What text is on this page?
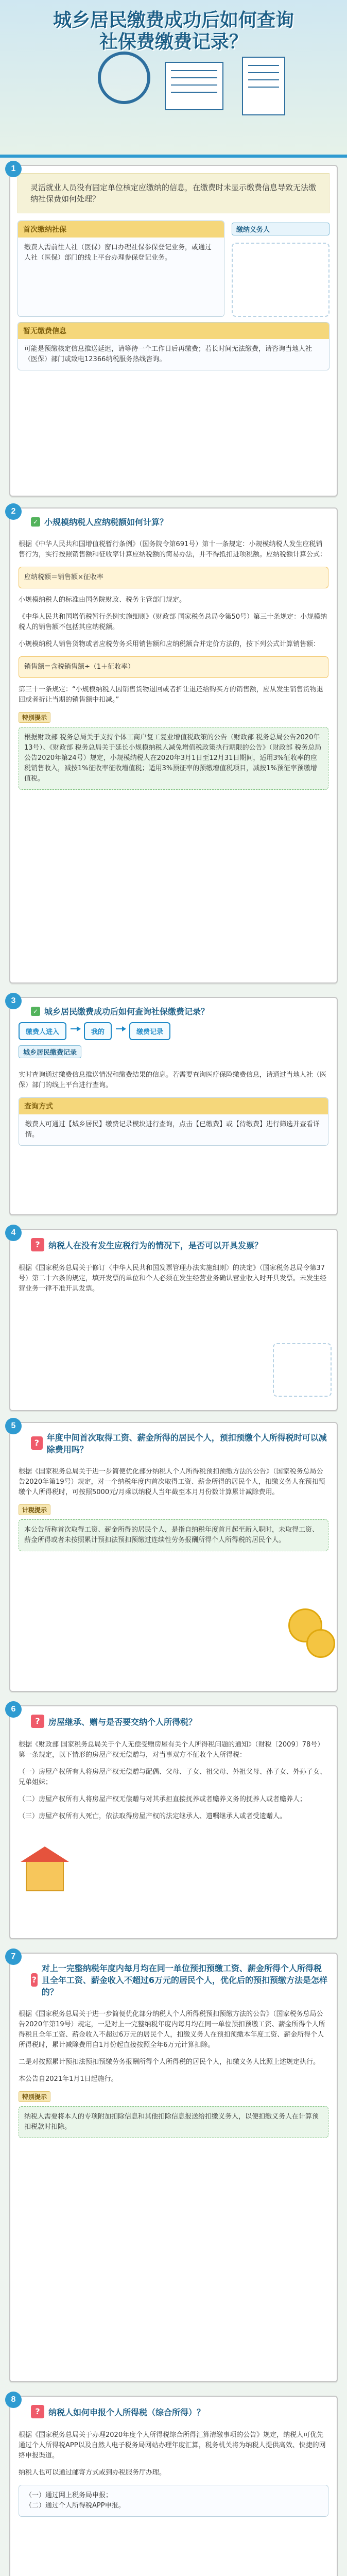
城乡居民缴费成功后如何查询
社保费缴费记录？
1
灵活就业人员没有固定单位核定应缴纳的信息，在缴费时未显示缴费信息导致无法缴纳社保费如何处理？
首次缴纳社保
缴费人需前往人社（医保）窗口办理社保参保登记业务，或通过人社（医保）部门的线上平台办理参保登记业务。
缴纳义务人
暂无缴费信息
可能是预缴核定信息推送延迟，请等待一个工作日后再缴费；若长时间无法缴费，请咨询当地人社（医保）部门或致电12366纳税服务热线咨询。
2
✓ 小规模纳税人应纳税额如何计算？

根据《中华人民共和国增值税暂行条例》（国务院令第691号）第十一条规定：小规模纳税人发生应税销售行为，实行按照销售额和征收率计算应纳税额的简易办法，并不得抵扣进项税额。应纳税额计算公式：

应纳税额＝销售额×征收率

小规模纳税人的标准由国务院财政、税务主管部门规定。

《中华人民共和国增值税暂行条例实施细则》（财政部 国家税务总局令第50号）第三十条规定：小规模纳税人的销售额不包括其应纳税额。

小规模纳税人销售货物或者应税劳务采用销售额和应纳税额合并定价方法的，按下列公式计算销售额：

销售额＝含税销售额÷（1＋征收率）

第三十一条规定：“小规模纳税人因销售货物退回或者折让退还给购买方的销售额，应从发生销售货物退回或者折让当期的销售额中扣减。”

特别提示
根据财政部 税务总局关于支持个体工商户复工复业增值税政策的公告（财政部 税务总局公告2020年13号）、《财政部 税务总局关于延长小规模纳税人减免增值税政策执行期限的公告》（财政部 税务总局公告2020年第24号）规定，小规模纳税人在2020年3月1日至12月31日期间，适用3%征收率的应税销售收入，减按1%征收率征收增值税；适用3%预征率的预缴增值税项目，减按1%预征率预缴增值税。
3
✓ 城乡居民缴费成功后如何查询社保缴费记录？
缴费人进入	我的	缴费记录
城乡居民缴费记录

实时查询通过缴费信息推送情况和缴费结果的信息。若需要查询医疗保险缴费信息，请通过当地人社（医保）部门的线上平台进行查询。

查询方式
缴费人可通过【城乡居民】缴费记录模块进行查询，点击【已缴费】或【待缴费】进行筛选并查看详情。
4
?	纳税人在没有发生应税行为的情况下，是否可以开具发票？

根据《国家税务总局关于修订〈中华人民共和国发票管理办法实施细则〉的决定》（国家税务总局令第37号）第二十六条的规定，填开发票的单位和个人必须在发生经营业务确认营业收入时开具发票。未发生经营业务一律不准开具发票。

5
?
年度中间首次取得工资、薪金所得的居民个人，预扣预缴个人所得税时可以减除费用吗？

根据《国家税务总局关于进一步简便优化部分纳税人个人所得税预扣预缴方法的公告》（国家税务总局公告2020年第19号）规定，对一个纳税年度内首次取得工资、薪金所得的居民个人，扣缴义务人在预扣预缴个人所得税时，可按照5000元/月乘以纳税人当年截至本月月份数计算累计减除费用。

计税提示
本公告所称首次取得工资、薪金所得的居民个人，是指自纳税年度首月起至新入职时，未取得工资、薪金所得或者未按照累计预扣法预扣预缴过连续性劳务报酬所得个人所得税的居民个人。
6
?	房屋继承、赠与是否要交纳个人所得税？

根据《财政部 国家税务总局关于个人无偿受赠房屋有关个人所得税问题的通知》（财税〔2009〕78号）第一条规定，以下情形的房屋产权无偿赠与，对当事双方不征收个人所得税：

（一）房屋产权所有人将房屋产权无偿赠与配偶、父母、子女、祖父母、外祖父母、孙子女、外孙子女、兄弟姐妹；

（二）房屋产权所有人将房屋产权无偿赠与对其承担直接抚养或者赡养义务的抚养人或者赡养人；

（三）房屋产权所有人死亡，依法取得房屋产权的法定继承人、遗嘱继承人或者受遗赠人。

7
?
对上一完整纳税年度内每月均在同一单位预扣预缴工资、薪金所得个人所得税且全年工资、薪金收入不超过6万元的居民个人，优化后的预扣预缴方法是怎样的？

根据《国家税务总局关于进一步简便优化部分纳税人个人所得税预扣预缴方法的公告》（国家税务总局公告2020年第19号）规定，一是对上一完整纳税年度内每月均在同一单位预扣预缴工资、薪金所得个人所得税且全年工资、薪金收入不超过6万元的居民个人，扣缴义务人在预扣预缴本年度工资、薪金所得个人所得税时，累计减除费用自1月份起直接按照全年6万元计算扣除。

二是对按照累计预扣法预扣预缴劳务报酬所得个人所得税的居民个人，扣缴义务人比照上述规定执行。

本公告自2021年1月1日起施行。

特别提示
纳税人需要将本人的专项附加扣除信息和其他扣除信息报送给扣缴义务人，以便扣缴义务人在计算预扣税款时扣除。
8
?	纳税人如何申报个人所得税（综合所得）？

根据《国家税务总局关于办理2020年度个人所得税综合所得汇算清缴事项的公告》规定，纳税人可优先通过个人所得税APP以及自然人电子税务局网站办理年度汇算，税务机关将为纳税人提供高效、快捷的网络申报渠道。

纳税人也可以通过邮寄方式或到办税服务厅办理。

（一）通过网上税务局申报；
（二）通过个人所得税APP申报。
